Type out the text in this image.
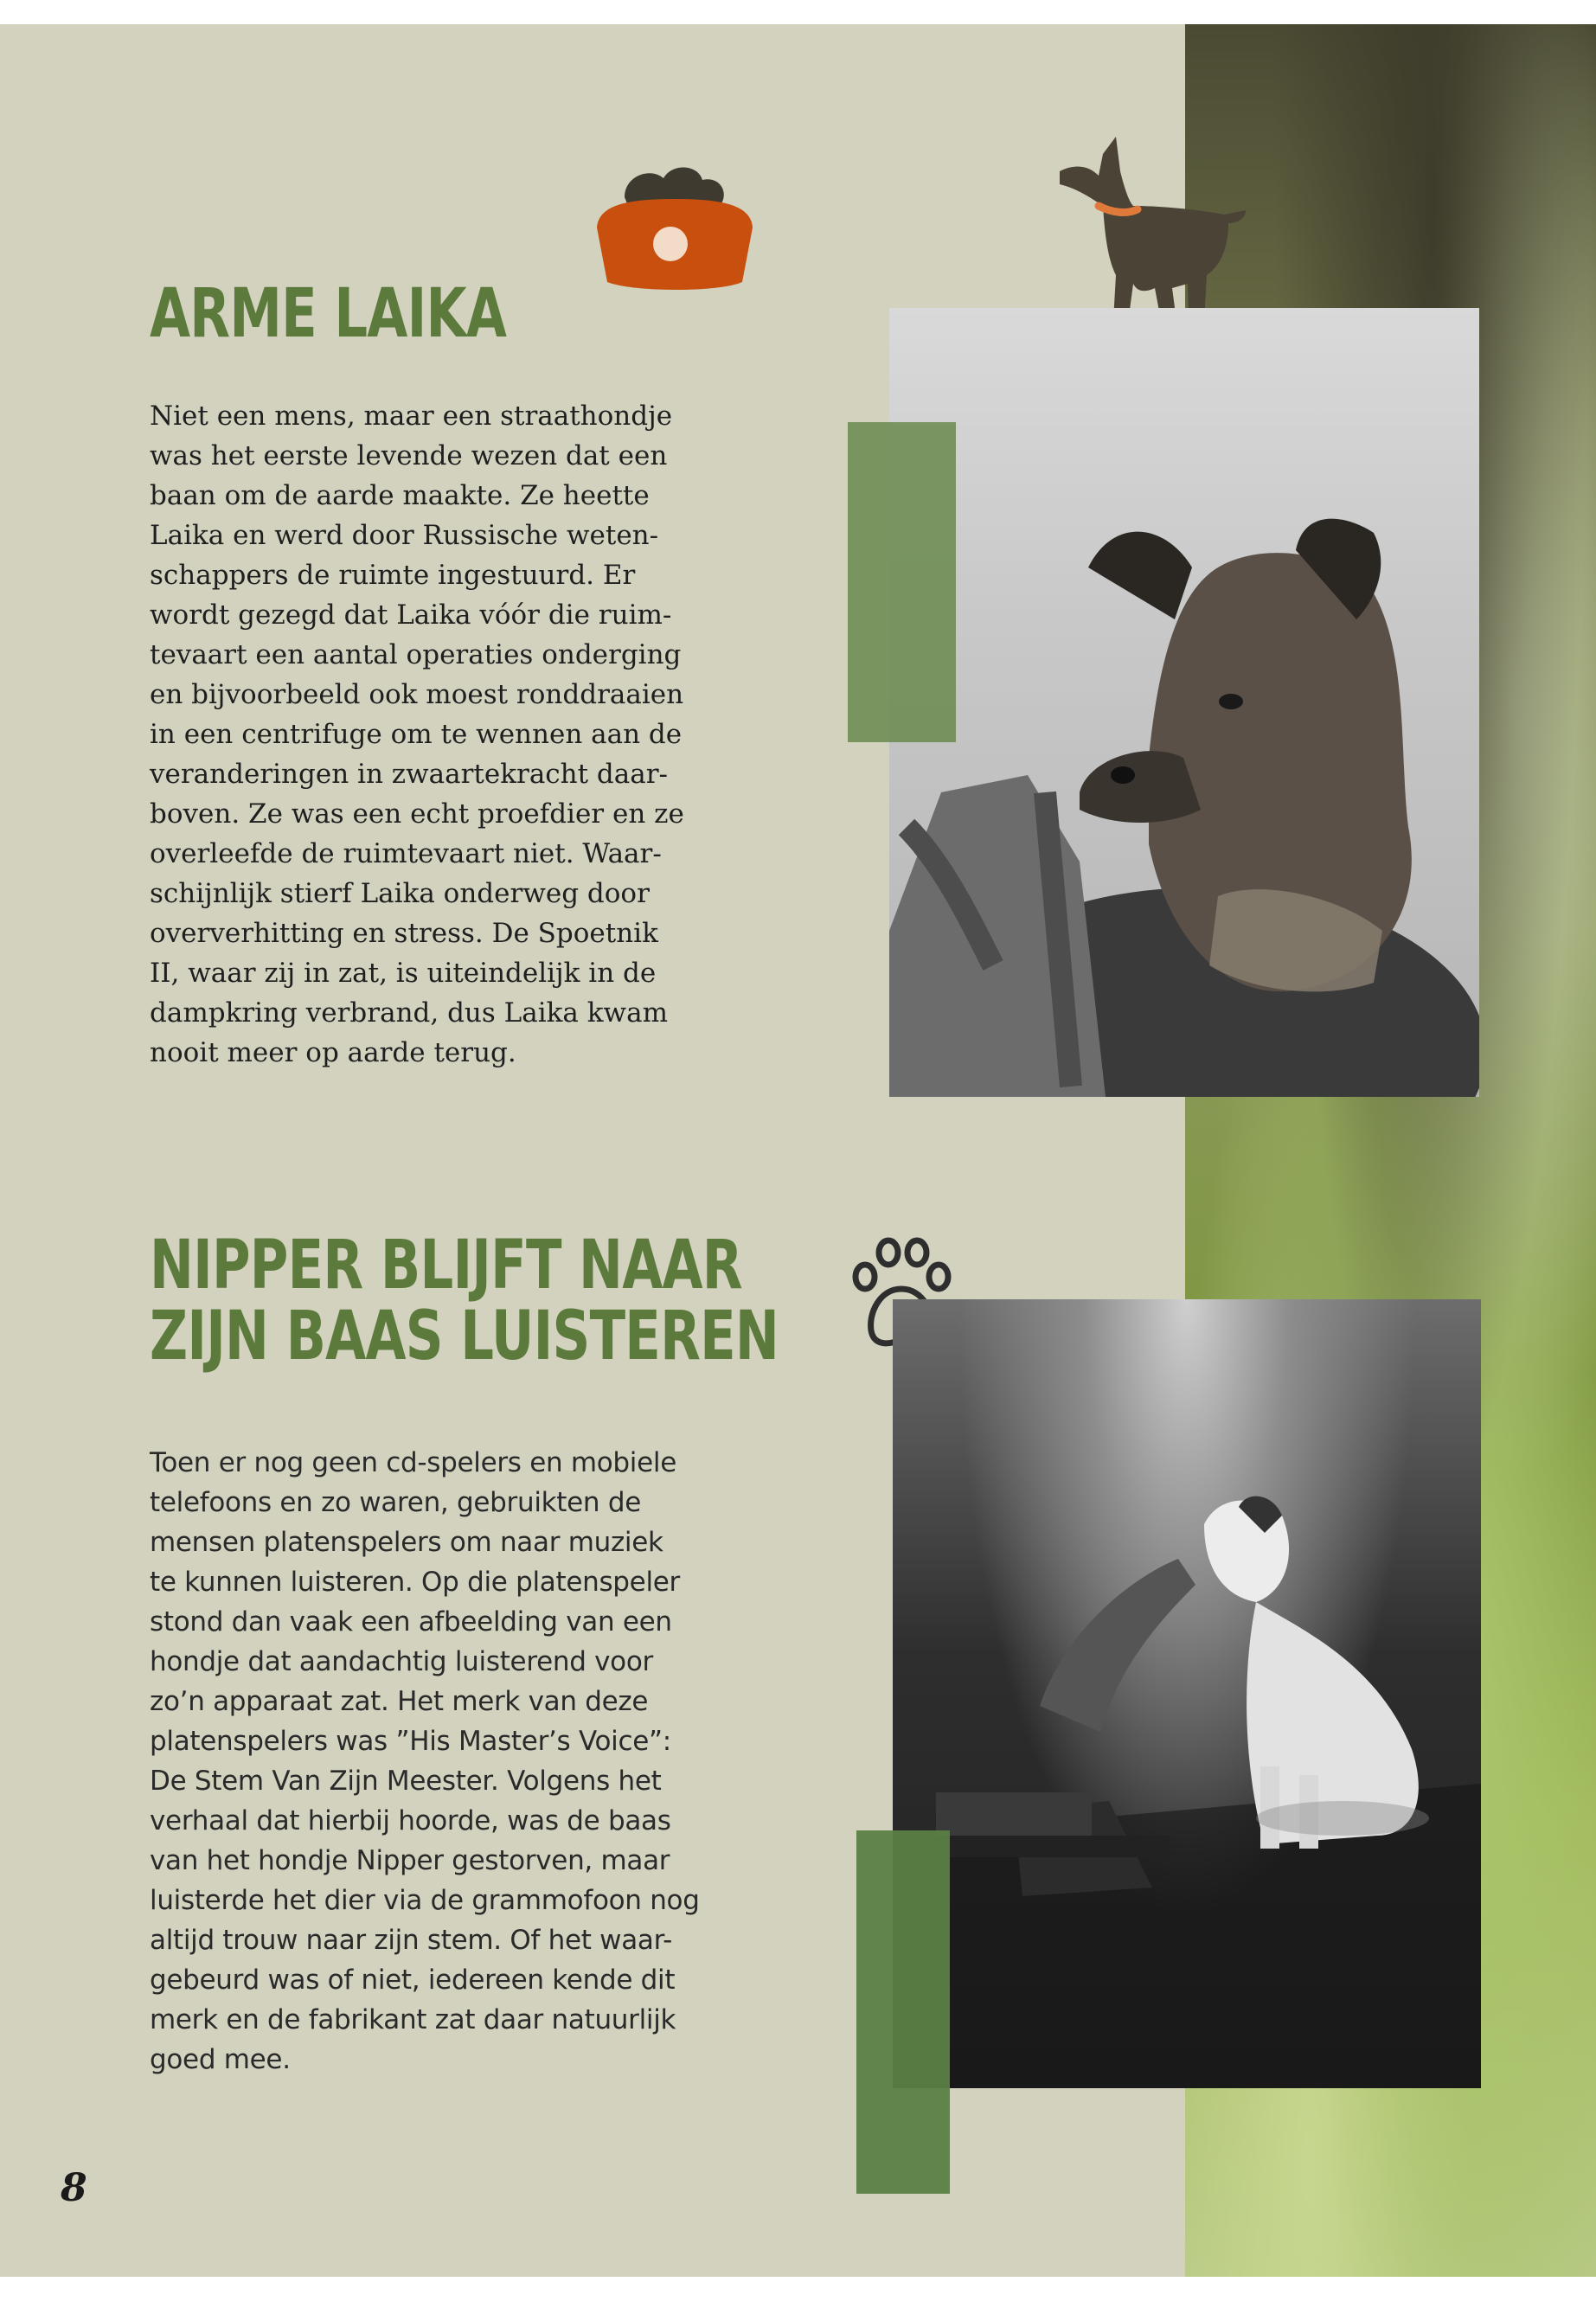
ARME LAIKA

Niet een mens, maar een straathondje
was het eerste levende wezen dat een
baan om de aarde maakte. Ze heette
Laika en werd door Russische weten-
schappers de ruimte ingestuurd. Er
wordt gezegd dat Laika vóór die ruim-
tevaart een aantal operaties onderging
en bijvoorbeeld ook moest ronddraaien
in een centrifuge om te wennen aan de
veranderingen in zwaartekracht daar-
boven. Ze was een echt proefdier en ze
overleefde de ruimtevaart niet. Waar-
schijnlijk stierf Laika onderweg door
oververhitting en stress. De Spoetnik
II, waar zij in zat, is uiteindelijk in de
dampkring verbrand, dus Laika kwam
nooit meer op aarde terug.

NIPPER BLIJFT NAAR
ZIJN BAAS LUISTEREN

Toen er nog geen cd-spelers en mobiele
telefoons en zo waren, gebruikten de
mensen platenspelers om naar muziek
te kunnen luisteren. Op die platenspeler
stond dan vaak een afbeelding van een
hondje dat aandachtig luisterend voor
zo’n apparaat zat. Het merk van deze
platenspelers was ”His Master’s Voice”:
De Stem Van Zijn Meester. Volgens het
verhaal dat hierbij hoorde, was de baas
van het hondje Nipper gestorven, maar
luisterde het dier via de grammofoon nog
altijd trouw naar zijn stem. Of het waar-
gebeurd was of niet, iedereen kende dit
merk en de fabrikant zat daar natuurlijk
goed mee.

8
